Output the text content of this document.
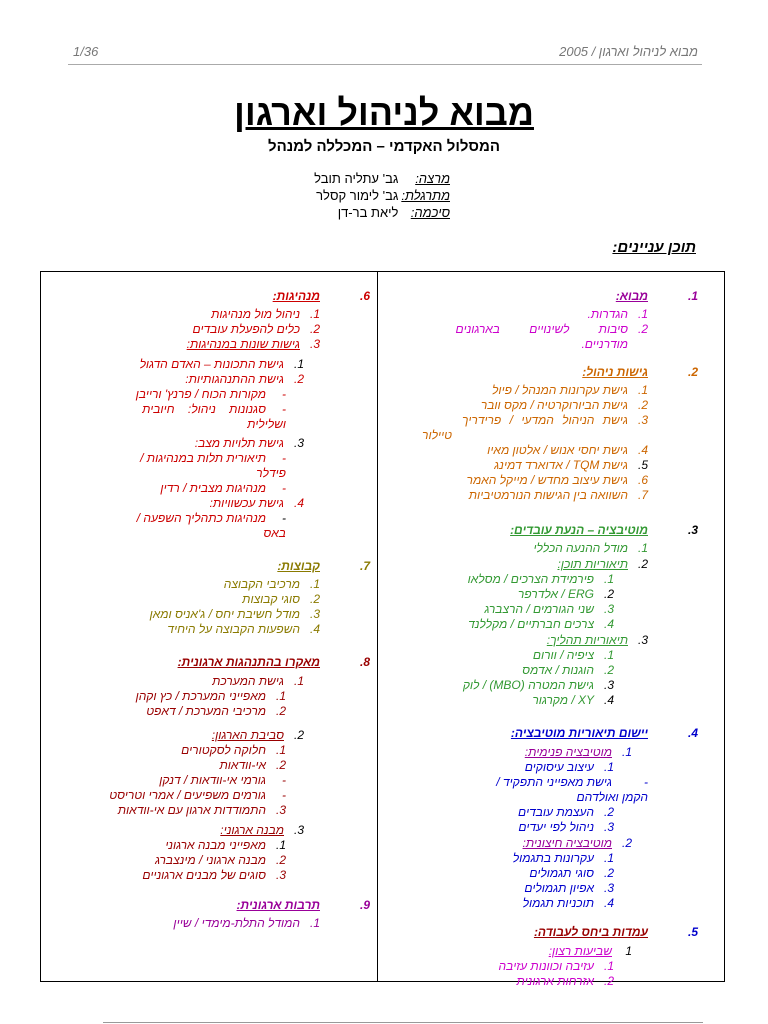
1/36	מבוא לניהול וארגון / 2005
מבוא לניהול וארגון
המסלול האקדמי – המכללה למנהל
מרצה: גב' עתליה תובל
מתרגלת: גב' לימור קסלר
סיכמה: ליאת בר-דן
תוכן עניינים:
1.
מבוא:
1.הגדרות.
2.סיבות לשינויים בארגונים
מודרניים.
2.
גישות ניהול:
1.גישת עקרונות המנהל / פיול
2.גישת הביורוקרטיה / מקס וובר
3.גישת הניהול המדעי / פרידריך
טיילור
4.גישת יחסי אנוש / אלטון מאיו
5.גישת TQM / אדוארד דמינג
6.גישת עיצוב מחדש / מייקל האמר
7.השוואה בין הגישות הנורמטיביות
3.
מוטיבציה – הנעת עובדים:
1.מודל ההנעה הכללי
2.תיאוריות תוכן:
1.פירמידת הצרכים / מסלאו
2.ERG / אלדרפר
3.שני הגורמים / הרצברג
4.צרכים חברתיים / מקללנד
3.תיאוריות תהליך:
1.ציפיה / וורום
2.הוגנות / אדמס
3.גישת המטרה (MBO) / לוק
4.XY / מקרגור
4.
יישום תיאוריות מוטיבציה:
1.מוטיבציה פנימית:
1.עיצוב עיסוקים
-גישת מאפייני התפקיד /
הקמן ואולדהם
2.העצמת עובדים
3.ניהול לפי יעדים
2.מוטיבציה חיצונית:
1.עקרונות בתגמול
2.סוגי תגמולים
3.אפיון תגמולים
4.תוכניות תגמול
5.
עמדות ביחס לעבודה:
1שביעות רצון:
1.עזיבה וכוונות עזיבה
2.אזרחות ארגונית
6.
מנהיגות:
1.ניהול מול מנהיגות
2.כלים להפעלת עובדים
3.גישות שונות במנהיגות:
1.גישת התכונות – האדם הדגול
2.גישת ההתנהגותיות:
-מקורות הכוח / פרנץ' ורייבן
-סגנונות ניהול: חיובית
ושלילית
3.גישת תלויות מצב:
-תיאורית תלות במנהיגות /
פידלר
-מנהיגות מצבית / רדין
4.גישת עכשוויות:
-מנהיגות כתהליך השפעה /
באס
7.
קבוצות:
1.מרכיבי הקבוצה
2.סוגי קבוצות
3.מודל חשיבת יחס / ג'אניס ומאן
4.השפעות הקבוצה על היחיד
8.
מאקרו בהתנהגות ארגונית:
1.גישת המערכת
1.מאפייני המערכת / כץ וקהן
2.מרכיבי המערכת / דאפט
2.סביבת הארגון:
1.חלוקה לסקטורים
2.אי-וודאות
-גורמי אי-וודאות / דנקן
-גורמים משפיעים / אמרי וטריסט
3.התמודדות ארגון עם אי-וודאות
3.מבנה ארגוני:
1.מאפייני מבנה ארגוני
2.מבנה ארגוני / מינצברג
3.סוגים של מבנים ארגוניים
9.
תרבות ארגונית:
1.המודל התלת-מימדי / שיין
